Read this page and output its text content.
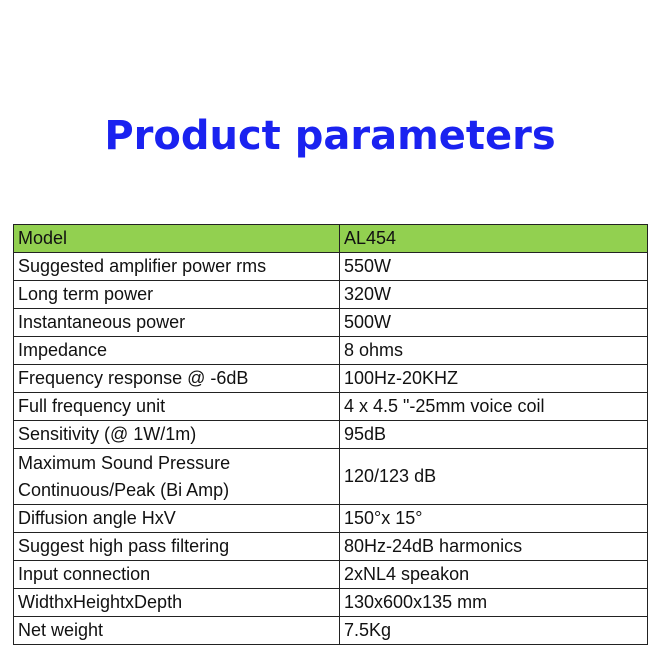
Product parameters
Model	AL454
Suggested amplifier power rms	550W
Long term power	320W
Instantaneous power	500W
Impedance	8 ohms
Frequency response @ -6dB	100Hz-20KHZ
Full frequency unit	4 x 4.5 "-25mm voice coil
Sensitivity (@ 1W/1m)	95dB

Maximum Sound Pressure
Continuous/Peak (Bi Amp)	120/123 dB
Diffusion angle HxV	150°x 15°
Suggest high pass filtering	80Hz-24dB harmonics
Input connection	2xNL4 speakon
WidthxHeightxDepth	130x600x135 mm
Net weight	7.5Kg
